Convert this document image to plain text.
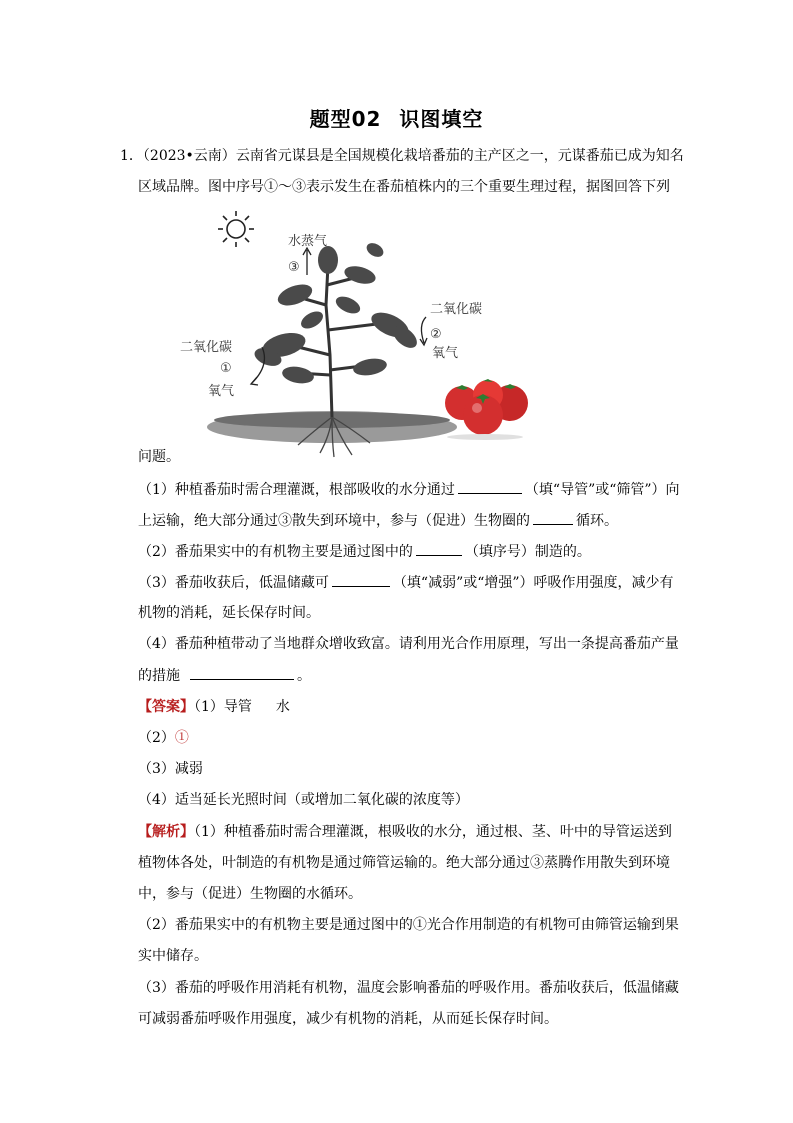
题型02 识图填空
1．（2023•云南）云南省元谋县是全国规模化栽培番茄的主产区之一，元谋番茄已成为知名
区域品牌。图中序号①～③表示发生在番茄植株内的三个重要生理过程，据图回答下列
水蒸气
③
二氧化碳
②
氧气
二氧化碳
①
氧气
问题。
（1）种植番茄时需合理灌溉，根部吸收的水分通过	（填“导管”或“筛管”）向
上运输，绝大部分通过③散失到环境中，参与（促进）生物圈的	循环。
（2）番茄果实中的有机物主要是通过图中的	（填序号）制造的。
（3）番茄收获后，低温储藏可	（填“减弱”或“增强”）呼吸作用强度，减少有
机物的消耗，延长保存时间。
（4）番茄种植带动了当地群众增收致富。请利用光合作用原理，写出一条提高番茄产量
的措施	。
【答案】（1）导管 水
（2）①
（3）减弱
（4）适当延长光照时间（或增加二氧化碳的浓度等）
【解析】（1）种植番茄时需合理灌溉，根吸收的水分，通过根、茎、叶中的导管运送到
植物体各处，叶制造的有机物是通过筛管运输的。绝大部分通过③蒸腾作用散失到环境
中，参与（促进）生物圈的水循环。
（2）番茄果实中的有机物主要是通过图中的①光合作用制造的有机物可由筛管运输到果
实中储存。
（3）番茄的呼吸作用消耗有机物，温度会影响番茄的呼吸作用。番茄收获后，低温储藏
可减弱番茄呼吸作用强度，减少有机物的消耗，从而延长保存时间。
